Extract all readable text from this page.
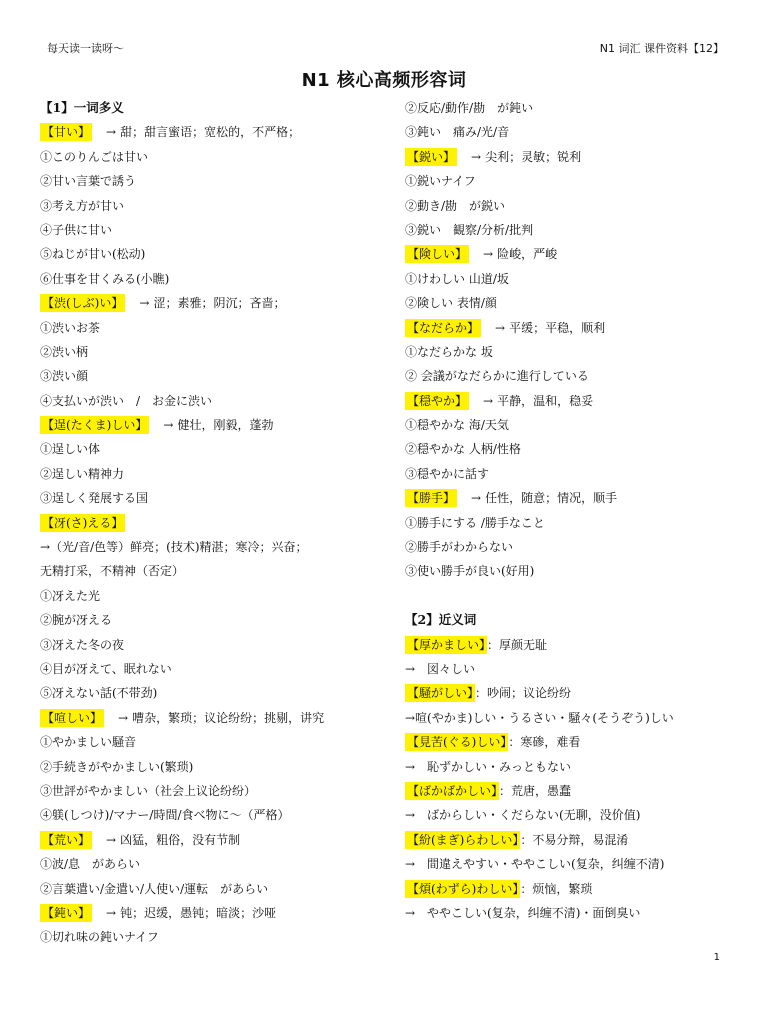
每天读一读呀～	N1 词汇 课件资料【12】
N1 核心高频形容词
【1】一词多义
【甘い】 → 甜；甜言蜜语；宽松的，不严格；
①このりんごは甘い
②甘い言葉で誘う
③考え方が甘い
④子供に甘い
⑤ねじが甘い(松动)
⑥仕事を甘くみる(小瞧)
【渋(しぶ)い】 → 涩；素雅；阴沉；吝啬；
①渋いお茶
②渋い柄
③渋い顔
④支払いが渋い　/　お金に渋い
【逞(たくま)しい】 → 健壮，刚毅，蓬勃
①逞しい体
②逞しい精神力
③逞しく発展する国
【冴(さ)える】
→（光/音/色等）鲜亮；(技术)精湛；寒冷；兴奋；
无精打采，不精神（否定）
①冴えた光
②腕が冴える
③冴えた冬の夜
④目が冴えて、眠れない
⑤冴えない話(不带劲)
【喧しい】 → 嘈杂，繁琐；议论纷纷；挑剔，讲究
①やかましい騒音
②手続きがやかましい(繁琐)
③世評がやかましい（社会上议论纷纷）
④躾(しつけ)/マナー/時間/食べ物に～（严格）
【荒い】 → 凶猛，粗俗，没有节制
①波/息　があらい
②言葉遣い/金遣い/人使い/運転　があらい
【鈍い】 → 钝；迟缓，愚钝；暗淡；沙哑
①切れ味の鈍いナイフ
②反応/動作/勘　が鈍い
③鈍い　痛み/光/音
【鋭い】 → 尖利；灵敏；锐利
①鋭いナイフ
②動き/勘　が鋭い
③鋭い　観察/分析/批判
【険しい】 → 险峻，严峻
①けわしい 山道/坂
②険しい 表情/顔
【なだらか】 → 平缓；平稳，顺利
①なだらかな 坂
② 会議がなだらかに進行している
【穏やか】 → 平静，温和，稳妥
①穏やかな 海/天気
②穏やかな 人柄/性格
③穏やかに話す
【勝手】 → 任性，随意；情况，顺手
①勝手にする /勝手なこと
②勝手がわからない
③使い勝手が良い(好用)
【2】近义词
【厚かましい】 ：厚颜无耻
→　図々しい
【騒がしい】 ：吵闹；议论纷纷
→喧(やかま)しい・うるさい・騒々(そうぞう)しい
【見苦(ぐる)しい】 ：寒碜，难看
→　恥ずかしい・みっともない
【ばかばかしい】 ：荒唐，愚蠢
→　ばからしい・くだらない(无聊，没价值)
【紛(まぎ)らわしい】 ：不易分辩，易混淆
→　間違えやすい・ややこしい(复杂，纠缠不清)
【煩(わずら)わしい】 ：烦恼，繁琐
→　ややこしい(复杂，纠缠不清)・面倒臭い
1
